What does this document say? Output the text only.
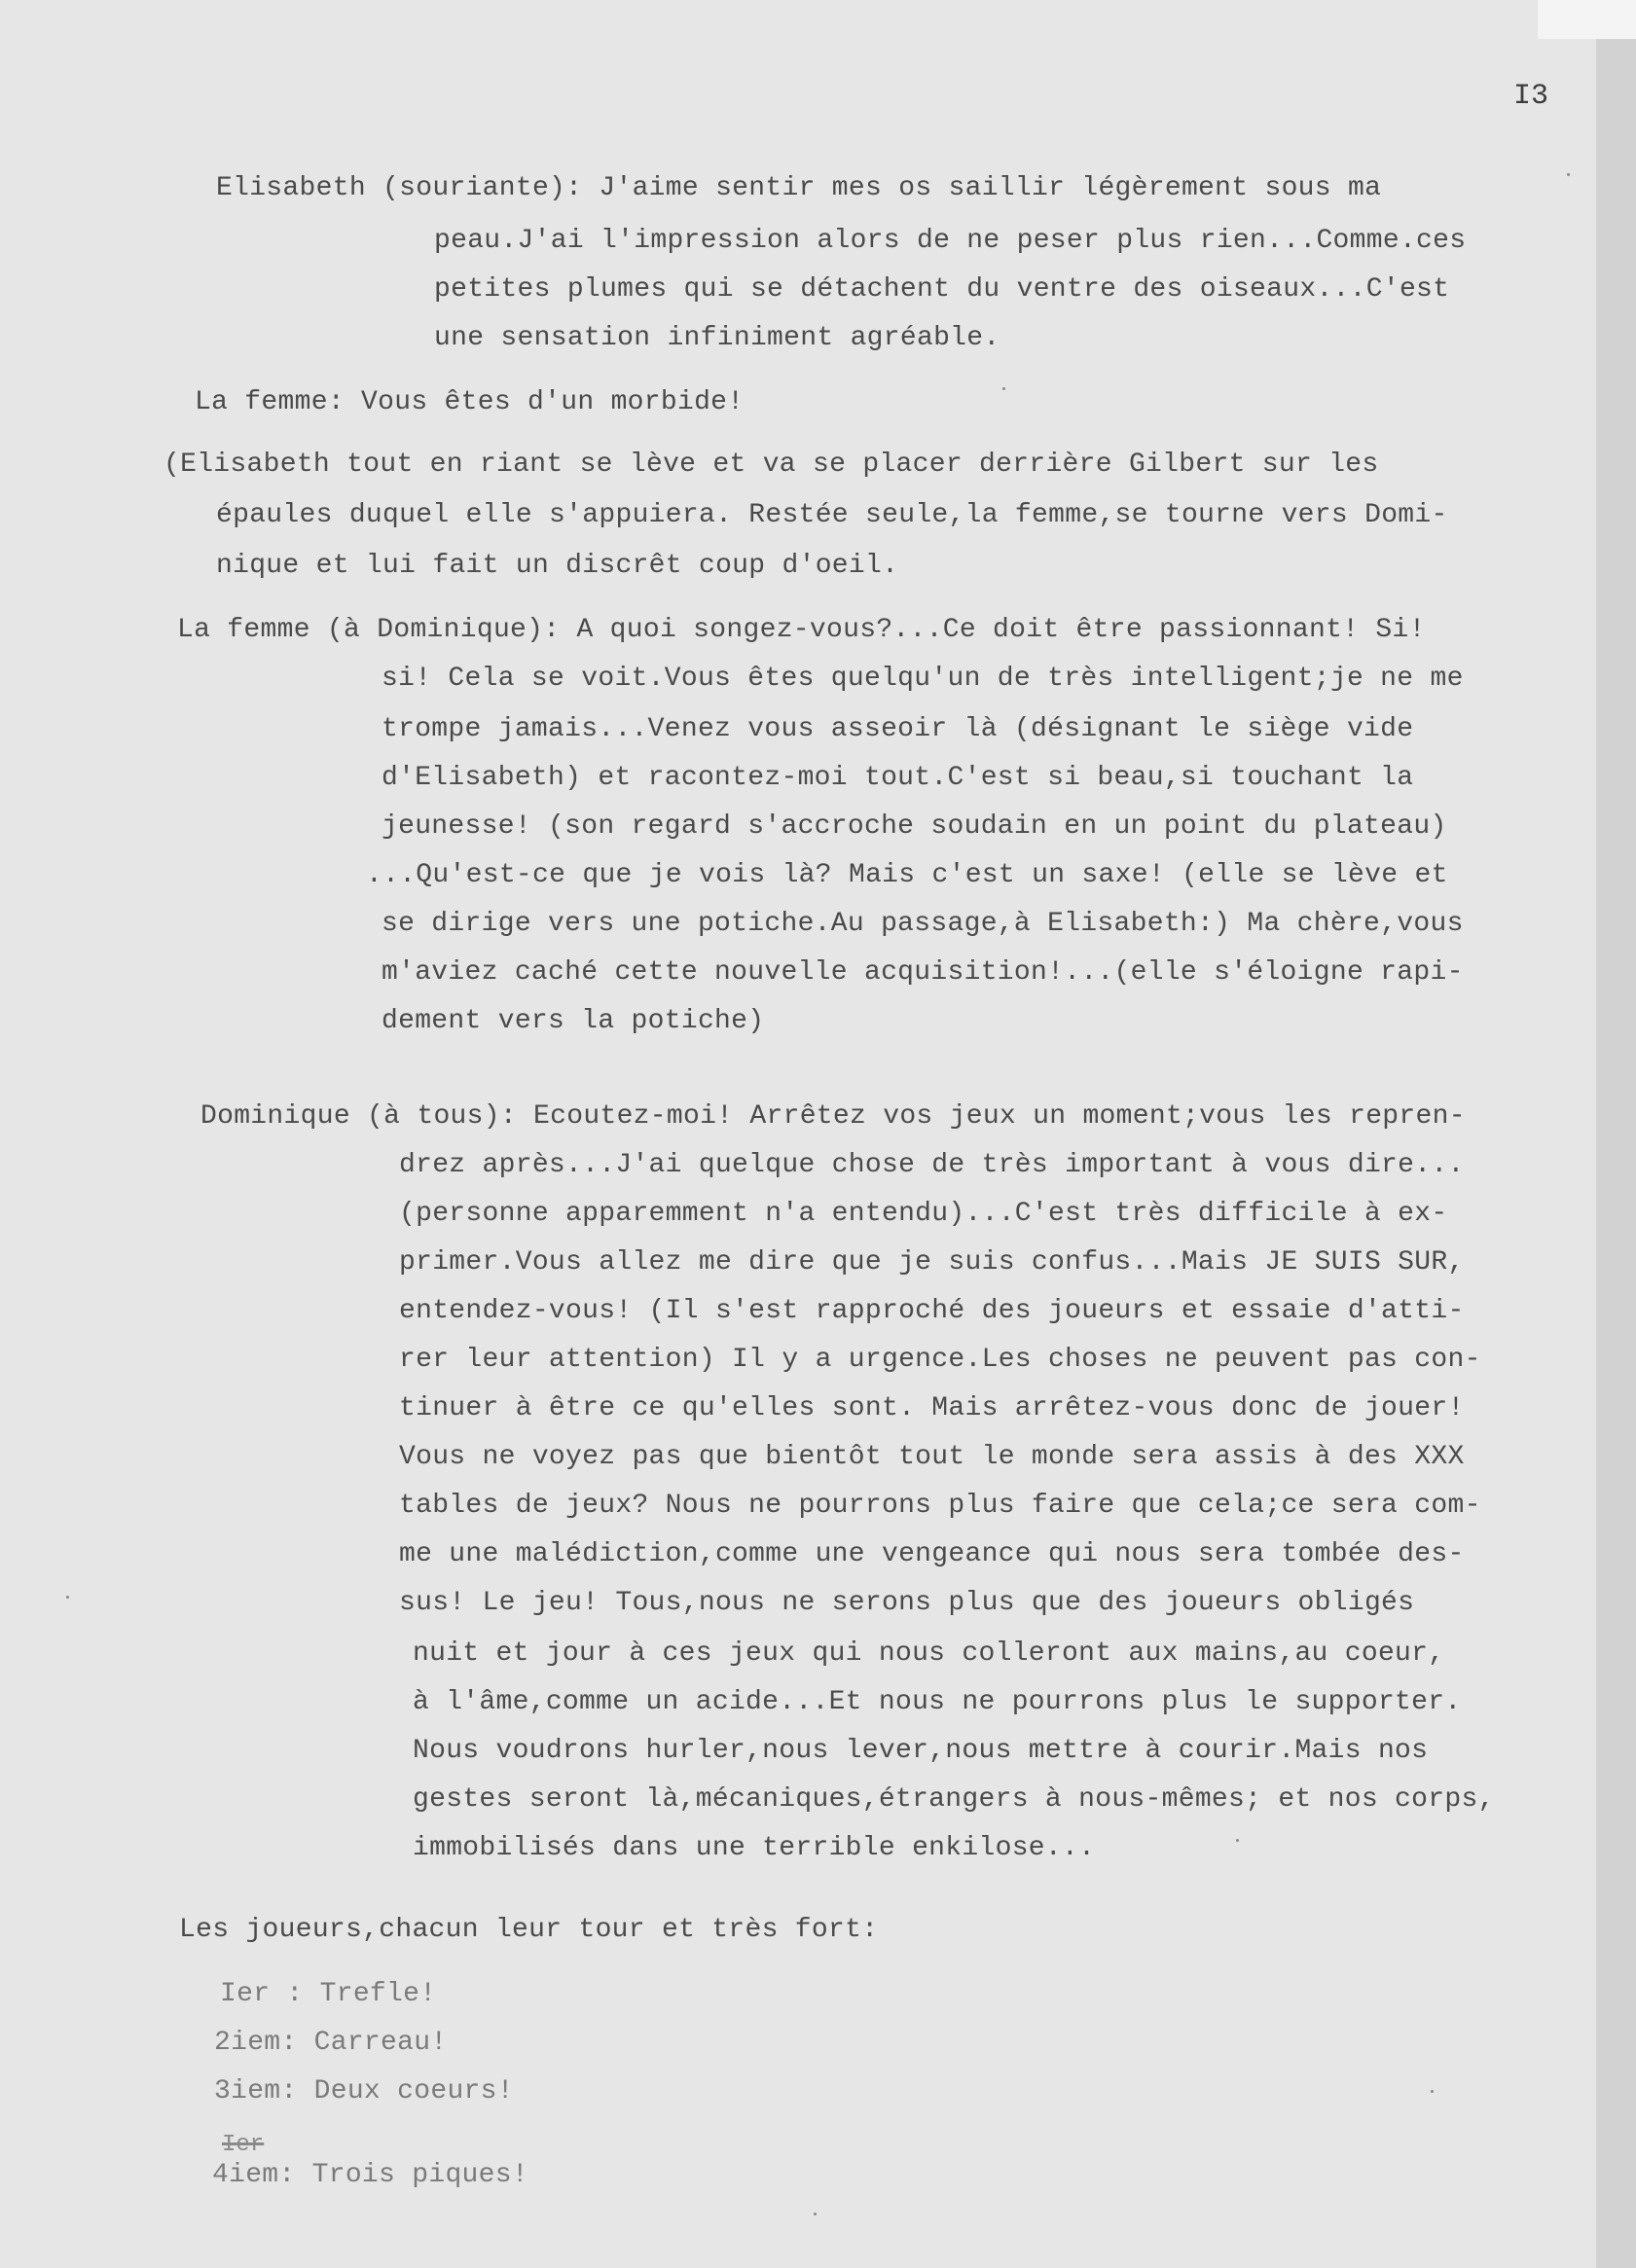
I3
Elisabeth (souriante): J'aime sentir mes os saillir légèrement sous ma
peau.J'ai l'impression alors de ne peser plus rien...Comme.ces
petites plumes qui se détachent du ventre des oiseaux...C'est
une sensation infiniment agréable.
La femme: Vous êtes d'un morbide!
(Elisabeth tout en riant se lève et va se placer derrière Gilbert sur les
épaules duquel elle s'appuiera. Restée seule,la femme,se tourne vers Domi-
nique et lui fait un discrêt coup d'oeil.
La femme (à Dominique): A quoi songez-vous?...Ce doit être passionnant! Si!
si! Cela se voit.Vous êtes quelqu'un de très intelligent;je ne me
trompe jamais...Venez vous asseoir là (désignant le siège vide
d'Elisabeth) et racontez-moi tout.C'est si beau,si touchant la
jeunesse! (son regard s'accroche soudain en un point du plateau)
...Qu'est-ce que je vois là? Mais c'est un saxe! (elle se lève et
se dirige vers une potiche.Au passage,à Elisabeth:) Ma chère,vous
m'aviez caché cette nouvelle acquisition!...(elle s'éloigne rapi-
dement vers la potiche)
Dominique (à tous): Ecoutez-moi! Arrêtez vos jeux un moment;vous les repren-
drez après...J'ai quelque chose de très important à vous dire...
(personne apparemment n'a entendu)...C'est très difficile à ex-
primer.Vous allez me dire que je suis confus...Mais JE SUIS SUR,
entendez-vous! (Il s'est rapproché des joueurs et essaie d'atti-
rer leur attention) Il y a urgence.Les choses ne peuvent pas con-
tinuer à être ce qu'elles sont. Mais arrêtez-vous donc de jouer!
Vous ne voyez pas que bientôt tout le monde sera assis à des XXX
tables de jeux? Nous ne pourrons plus faire que cela;ce sera com-
me une malédiction,comme une vengeance qui nous sera tombée des-
sus! Le jeu! Tous,nous ne serons plus que des joueurs obligés
nuit et jour à ces jeux qui nous colleront aux mains,au coeur,
à l'âme,comme un acide...Et nous ne pourrons plus le supporter.
Nous voudrons hurler,nous lever,nous mettre à courir.Mais nos
gestes seront là,mécaniques,étrangers à nous-mêmes; et nos corps,
immobilisés dans une terrible enkilose...
Les joueurs,chacun leur tour et très fort:
Ier : Trefle!
2iem: Carreau!
3iem: Deux coeurs!
Ier
4iem: Trois piques!
